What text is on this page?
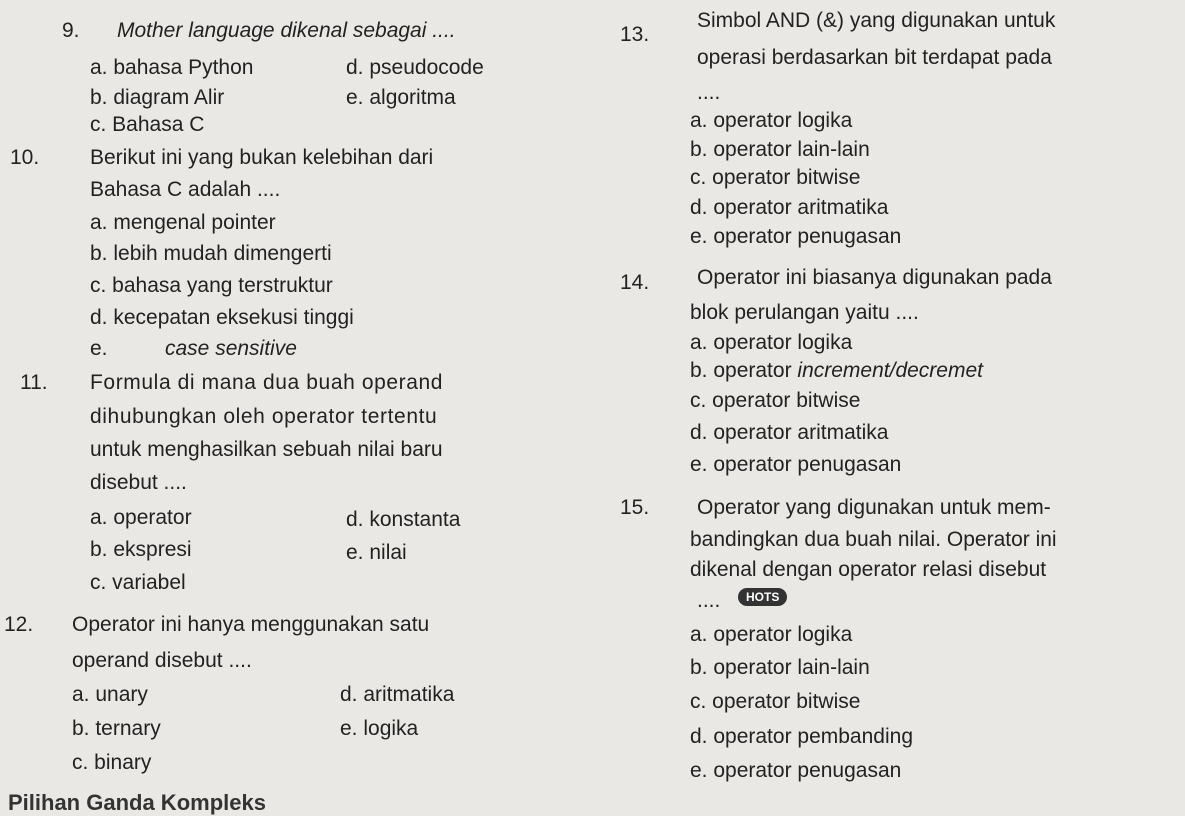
9. Mother language dikenal sebagai ....
a. bahasa Python	d. pseudocode
b. diagram Alir	e. algoritma
c. Bahasa C
10. Berikut ini yang bukan kelebihan dari
Bahasa C adalah ....
a. mengenal pointer
b. lebih mudah dimengerti
c. bahasa yang terstruktur
d. kecepatan eksekusi tinggi
e.	case sensitive
11. Formula di mana dua buah operand
dihubungkan oleh operator tertentu
untuk menghasilkan sebuah nilai baru
disebut ....
a. operator	d. konstanta
b. ekspresi	e. nilai
c. variabel
12. Operator ini hanya menggunakan satu
operand disebut ....
a. unary	d. aritmatika
b. ternary	e. logika
c. binary
Pilihan Ganda Kompleks
13.
Simbol AND (&) yang digunakan untuk
operasi berdasarkan bit terdapat pada
....
a. operator logika
b. operator lain-lain
c. operator bitwise
d. operator aritmatika
e. operator penugasan
14. Operator ini biasanya digunakan pada
blok perulangan yaitu ....
a. operator logika
b. operator increment/decremet
c. operator bitwise
d. operator aritmatika
e. operator penugasan
15. Operator yang digunakan untuk mem-
bandingkan dua buah nilai. Operator ini
dikenal dengan operator relasi disebut
....	HOTS
a. operator logika
b. operator lain-lain
c. operator bitwise
d. operator pembanding
e. operator penugasan
